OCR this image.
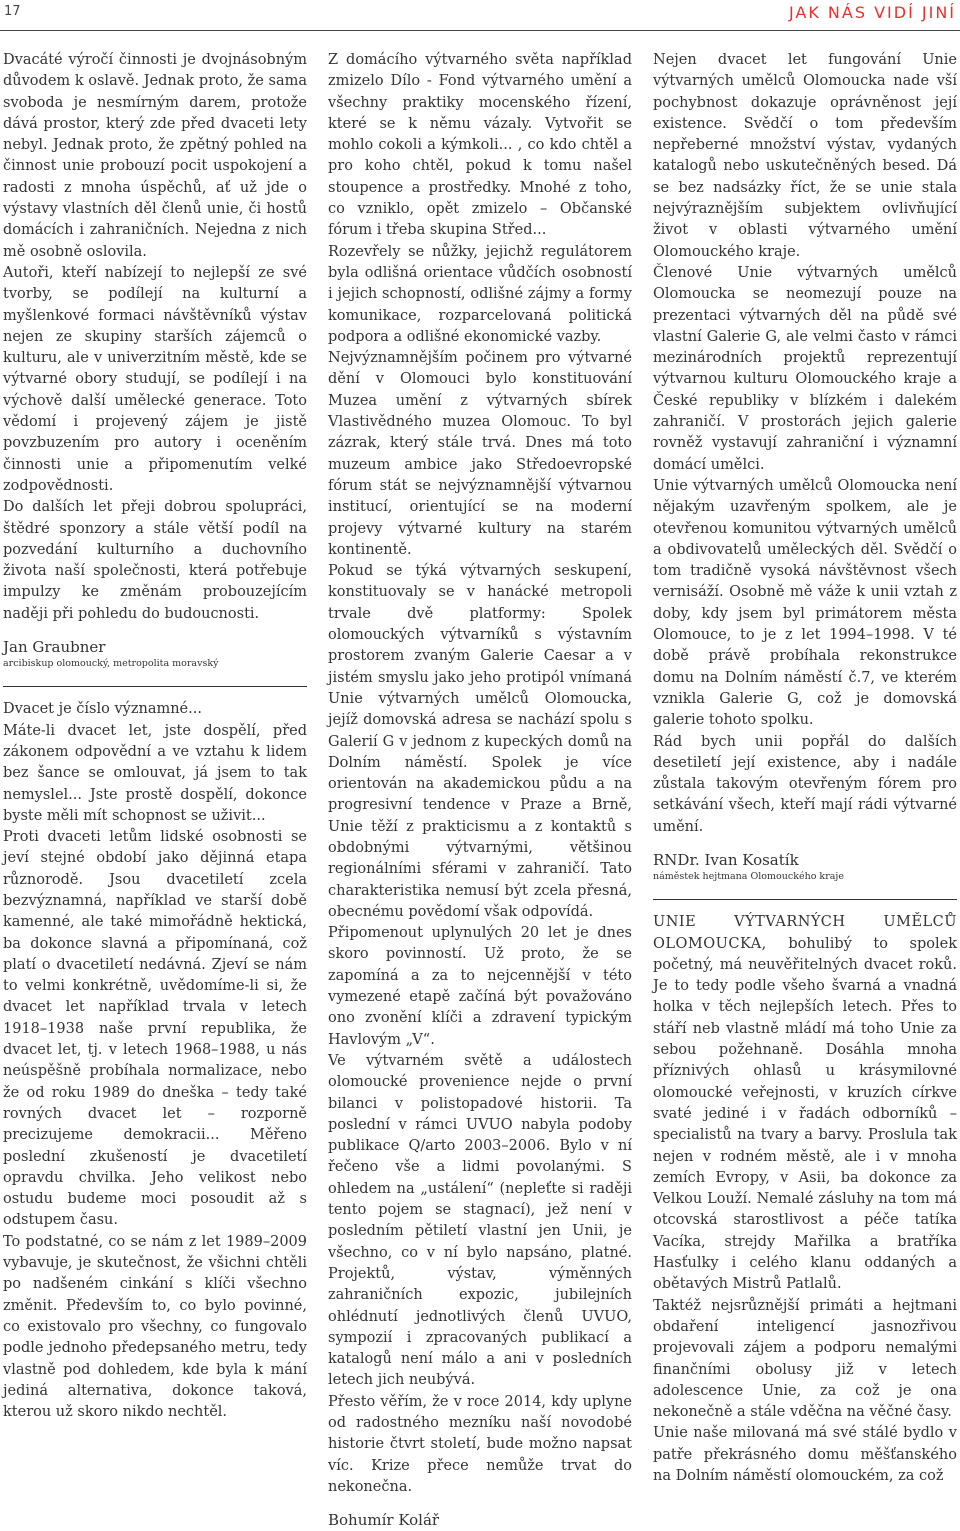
17	JAK NÁS VIDÍ JINÍ

Dvacáté výročí činnosti je dvojnásobným důvodem k oslavě. Jednak proto, že sama svoboda je nesmírným darem, protože dává prostor, který zde před dvaceti lety nebyl. Jednak proto, že zpětný pohled na činnost unie probouzí pocit uspokojení a radosti z mnoha úspěchů, ať už jde o výstavy vlastních děl členů unie, či hostů domácích i zahraničních. Nejedna z nich mě osobně oslovila.

Autoři, kteří nabízejí to nejlepší ze své tvorby, se podílejí na kulturní a myšlenkové formaci návštěvníků výstav nejen ze skupiny starších zájemců o kulturu, ale v univerzitním městě, kde se výtvarné obory studují, se podílejí i na výchově další umělecké generace. Toto vědomí i projevený zájem je jistě povzbuzením pro autory i oceněním činnosti unie a připomenutím velké zodpovědnosti.

Do dalších let přeji dobrou spolupráci, štědré sponzory a stále větší podíl na pozvedání kulturního a duchovního života naší společnosti, která potřebuje impulzy ke změnám probouzejícím naději při pohledu do budoucnosti.

Jan Graubner

arcibiskup olomoucký, metropolita moravský

Dvacet je číslo významné...

Máte-li dvacet let, jste dospělí, před zákonem odpovědní a ve vztahu k lidem bez šance se omlouvat, já jsem to tak nemyslel... Jste prostě dospělí, dokonce byste měli mít schopnost se uživit...

Proti dvaceti letům lidské osobnosti se jeví stejné období jako dějinná etapa různorodě. Jsou dvacetiletí zcela bezvýznamná, například ve starší době kamenné, ale také mimořádně hektická, ba dokonce slavná a připomínaná, což platí o dvacetiletí nedávná. Zjeví se nám to velmi konkrétně, uvědomíme-li si, že dvacet let například trvala v letech 1918–1938 naše první republika, že dvacet let, tj. v letech 1968–1988, u nás neúspěšně probíhala normalizace, nebo že od roku 1989 do dneška – tedy také rovných dvacet let – rozporně precizujeme demokracii... Měřeno poslední zkušeností je dvacetiletí opravdu chvilka. Jeho velikost nebo ostudu budeme moci posoudit až s odstupem času.

To podstatné, co se nám z let 1989–2009 vybavuje, je skutečnost, že všichni chtěli po nadšeném cinkání s klíči všechno změnit. Především to, co bylo povinné, co existovalo pro všechny, co fungovalo podle jednoho předepsaného metru, tedy vlastně pod dohledem, kde byla k mání jediná alternativa, dokonce taková, kterou už skoro nikdo nechtěl.

Z domácího výtvarného světa například zmizelo Dílo - Fond výtvarného umění a všechny praktiky mocenského řízení, které se k němu vázaly. Vytvořit se mohlo cokoli a kýmkoli... , co kdo chtěl a pro koho chtěl, pokud k tomu našel stoupence a prostředky. Mnohé z toho, co vzniklo, opět zmizelo – Občanské fórum i třeba skupina Střed...

Rozevřely se nůžky, jejichž regulátorem byla odlišná orientace vůdčích osobností i jejich schopností, odlišné zájmy a formy komunikace, rozparcelovaná politická podpora a odlišné ekonomické vazby.

Nejvýznamnějším počinem pro výtvarné dění v Olomouci bylo konstituování Muzea umění z výtvarných sbírek Vlastivědného muzea Olomouc. To byl zázrak, který stále trvá. Dnes má toto muzeum ambice jako Středoevropské fórum stát se nejvýznamnější výtvarnou institucí, orientující se na moderní projevy výtvarné kultury na starém kontinentě.

Pokud se týká výtvarných seskupení, konstituovaly se v hanácké metropoli trvale dvě platformy: Spolek olomouckých výtvarníků s výstavním prostorem zvaným Galerie Caesar a v jistém smyslu jako jeho protipól vnímaná Unie výtvarných umělců Olomoucka, jejíž domovská adresa se nachází spolu s Galerií G v jednom z kupeckých domů na Dolním náměstí. Spolek je více orientován na akademickou půdu a na progresivní tendence v Praze a Brně, Unie těží z prakticismu a z kontaktů s obdobnými výtvarnými, většinou regionálními sférami v zahraničí. Tato charakteristika nemusí být zcela přesná, obecnému povědomí však odpovídá.

Připomenout uplynulých 20 let je dnes skoro povinností. Už proto, že se zapomíná a za to nejcennější v této vymezené etapě začíná být považováno ono zvonění klíči a zdravení typickým Havlovým „V“.

Ve výtvarném světě a událostech olomoucké provenience nejde o první bilanci v polistopadové historii. Ta poslední v rámci UVUO nabyla podoby publikace Q/arto 2003–2006. Bylo v ní řečeno vše a lidmi povolanými. S ohledem na „ustálení“ (nepleťte si raději tento pojem se stagnací), jež není v posledním pětiletí vlastní jen Unii, je všechno, co v ní bylo napsáno, platné. Projektů, výstav, výměnných zahraničních expozic, jubilejních ohlédnutí jednotlivých členů UVUO, sympozií i zpracovaných publikací a katalogů není málo a ani v posledních letech jich neubývá.

Přesto věřím, že v roce 2014, kdy uplyne od radostného mezníku naší novodobé historie čtvrt století, bude možno napsat víc. Krize přece nemůže trvat do nekonečna.

Bohumír Kolář

Nejen dvacet let fungování Unie výtvarných umělců Olomoucka nade vší pochybnost dokazuje oprávněnost její existence. Svědčí o tom především nepřeberné množství výstav, vydaných katalogů nebo uskutečněných besed. Dá se bez nadsázky říct, že se unie stala nejvýraznějším subjektem ovlivňující život v oblasti výtvarného umění Olomouckého kraje.

Členové Unie výtvarných umělců Olomoucka se neomezují pouze na prezentaci výtvarných děl na půdě své vlastní Galerie G, ale velmi často v rámci mezinárodních projektů reprezentují výtvarnou kulturu Olomouckého kraje a České republiky v blízkém i dalekém zahraničí. V prostorách jejich galerie rovněž vystavují zahraniční i významní domácí umělci.

Unie výtvarných umělců Olomoucka není nějakým uzavřeným spolkem, ale je otevřenou komunitou výtvarných umělců a obdivovatelů uměleckých děl. Svědčí o tom tradičně vysoká návštěvnost všech vernisáží. Osobně mě váže k unii vztah z doby, kdy jsem byl primátorem města Olomouce, to je z let 1994–1998. V té době právě probíhala rekonstrukce domu na Dolním náměstí č.7, ve kterém vznikla Galerie G, což je domovská galerie tohoto spolku.

Rád bych unii popřál do dalších desetiletí její existence, aby i nadále zůstala takovým otevřeným fórem pro setkávání všech, kteří mají rádi výtvarné umění.

RNDr. Ivan Kosatík

náměstek hejtmana Olomouckého kraje

UNIE VÝTVARNÝCH UMĚLCŮ OLOMOUCKA, bohulibý to spolek početný, má neuvěřitelných dvacet roků. Je to tedy podle všeho švarná a vnadná holka v těch nejlepších letech. Přes to stáří neb vlastně mládí má toho Unie za sebou požehnaně. Dosáhla mnoha příznivých ohlasů u krásymilovné olomoucké veřejnosti, v kruzích církve svaté jediné i v řadách odborníků – specialistů na tvary a barvy. Proslula tak nejen v rodném městě, ale i v mnoha zemích Evropy, v Asii, ba dokonce za Velkou Louží. Nemalé zásluhy na tom má otcovská starostlivost a péče tatíka Vacíka, strejdy Mařilka a bratříka Hasťulky i celého klanu oddaných a obětavých Mistrů Patlalů.

Taktéž nejsrůznější primáti a hejtmani obdaření inteligencí jasnozřivou projevovali zájem a podporu nemalými finančními obolusy již v letech adolescence Unie, za což je ona nekonečně a stále vděčna na věčné časy.

Unie naše milovaná má své stálé bydlo v patře překrásného domu měšťanského na Dolním náměstí olomouckém, za což
